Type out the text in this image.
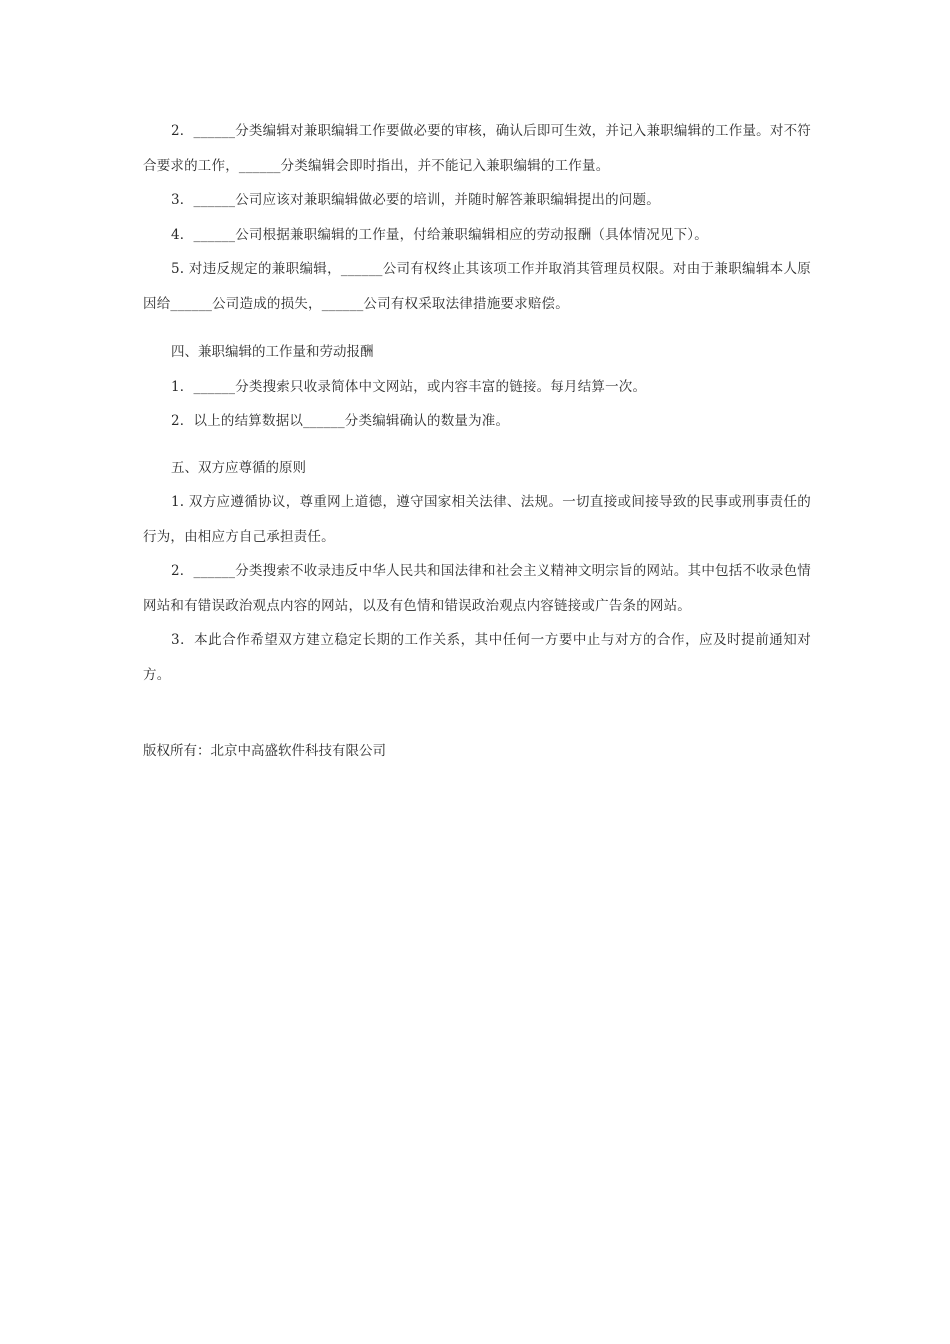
2．______分类编辑对兼职编辑工作要做必要的审核，确认后即可生效，并记入兼职编辑的工作量。对不符合要求的工作，______分类编辑会即时指出，并不能记入兼职编辑的工作量。

3．______公司应该对兼职编辑做必要的培训，并随时解答兼职编辑提出的问题。

4．______公司根据兼职编辑的工作量，付给兼职编辑相应的劳动报酬（具体情况见下）。

5. 对违反规定的兼职编辑，______公司有权终止其该项工作并取消其管理员权限。对由于兼职编辑本人原因给______公司造成的损失，______公司有权采取法律措施要求赔偿。

四、兼职编辑的工作量和劳动报酬

1．______分类搜索只收录简体中文网站，或内容丰富的链接。每月结算一次。

2．以上的结算数据以______分类编辑确认的数量为准。

五、双方应尊循的原则

1. 双方应遵循协议，尊重网上道德，遵守国家相关法律、法规。一切直接或间接导致的民事或刑事责任的行为，由相应方自己承担责任。

2．______分类搜索不收录违反中华人民共和国法律和社会主义精神文明宗旨的网站。其中包括不收录色情网站和有错误政治观点内容的网站，以及有色情和错误政治观点内容链接或广告条的网站。

3．本此合作希望双方建立稳定长期的工作关系，其中任何一方要中止与对方的合作，应及时提前通知对方。

版权所有：北京中高盛软件科技有限公司
